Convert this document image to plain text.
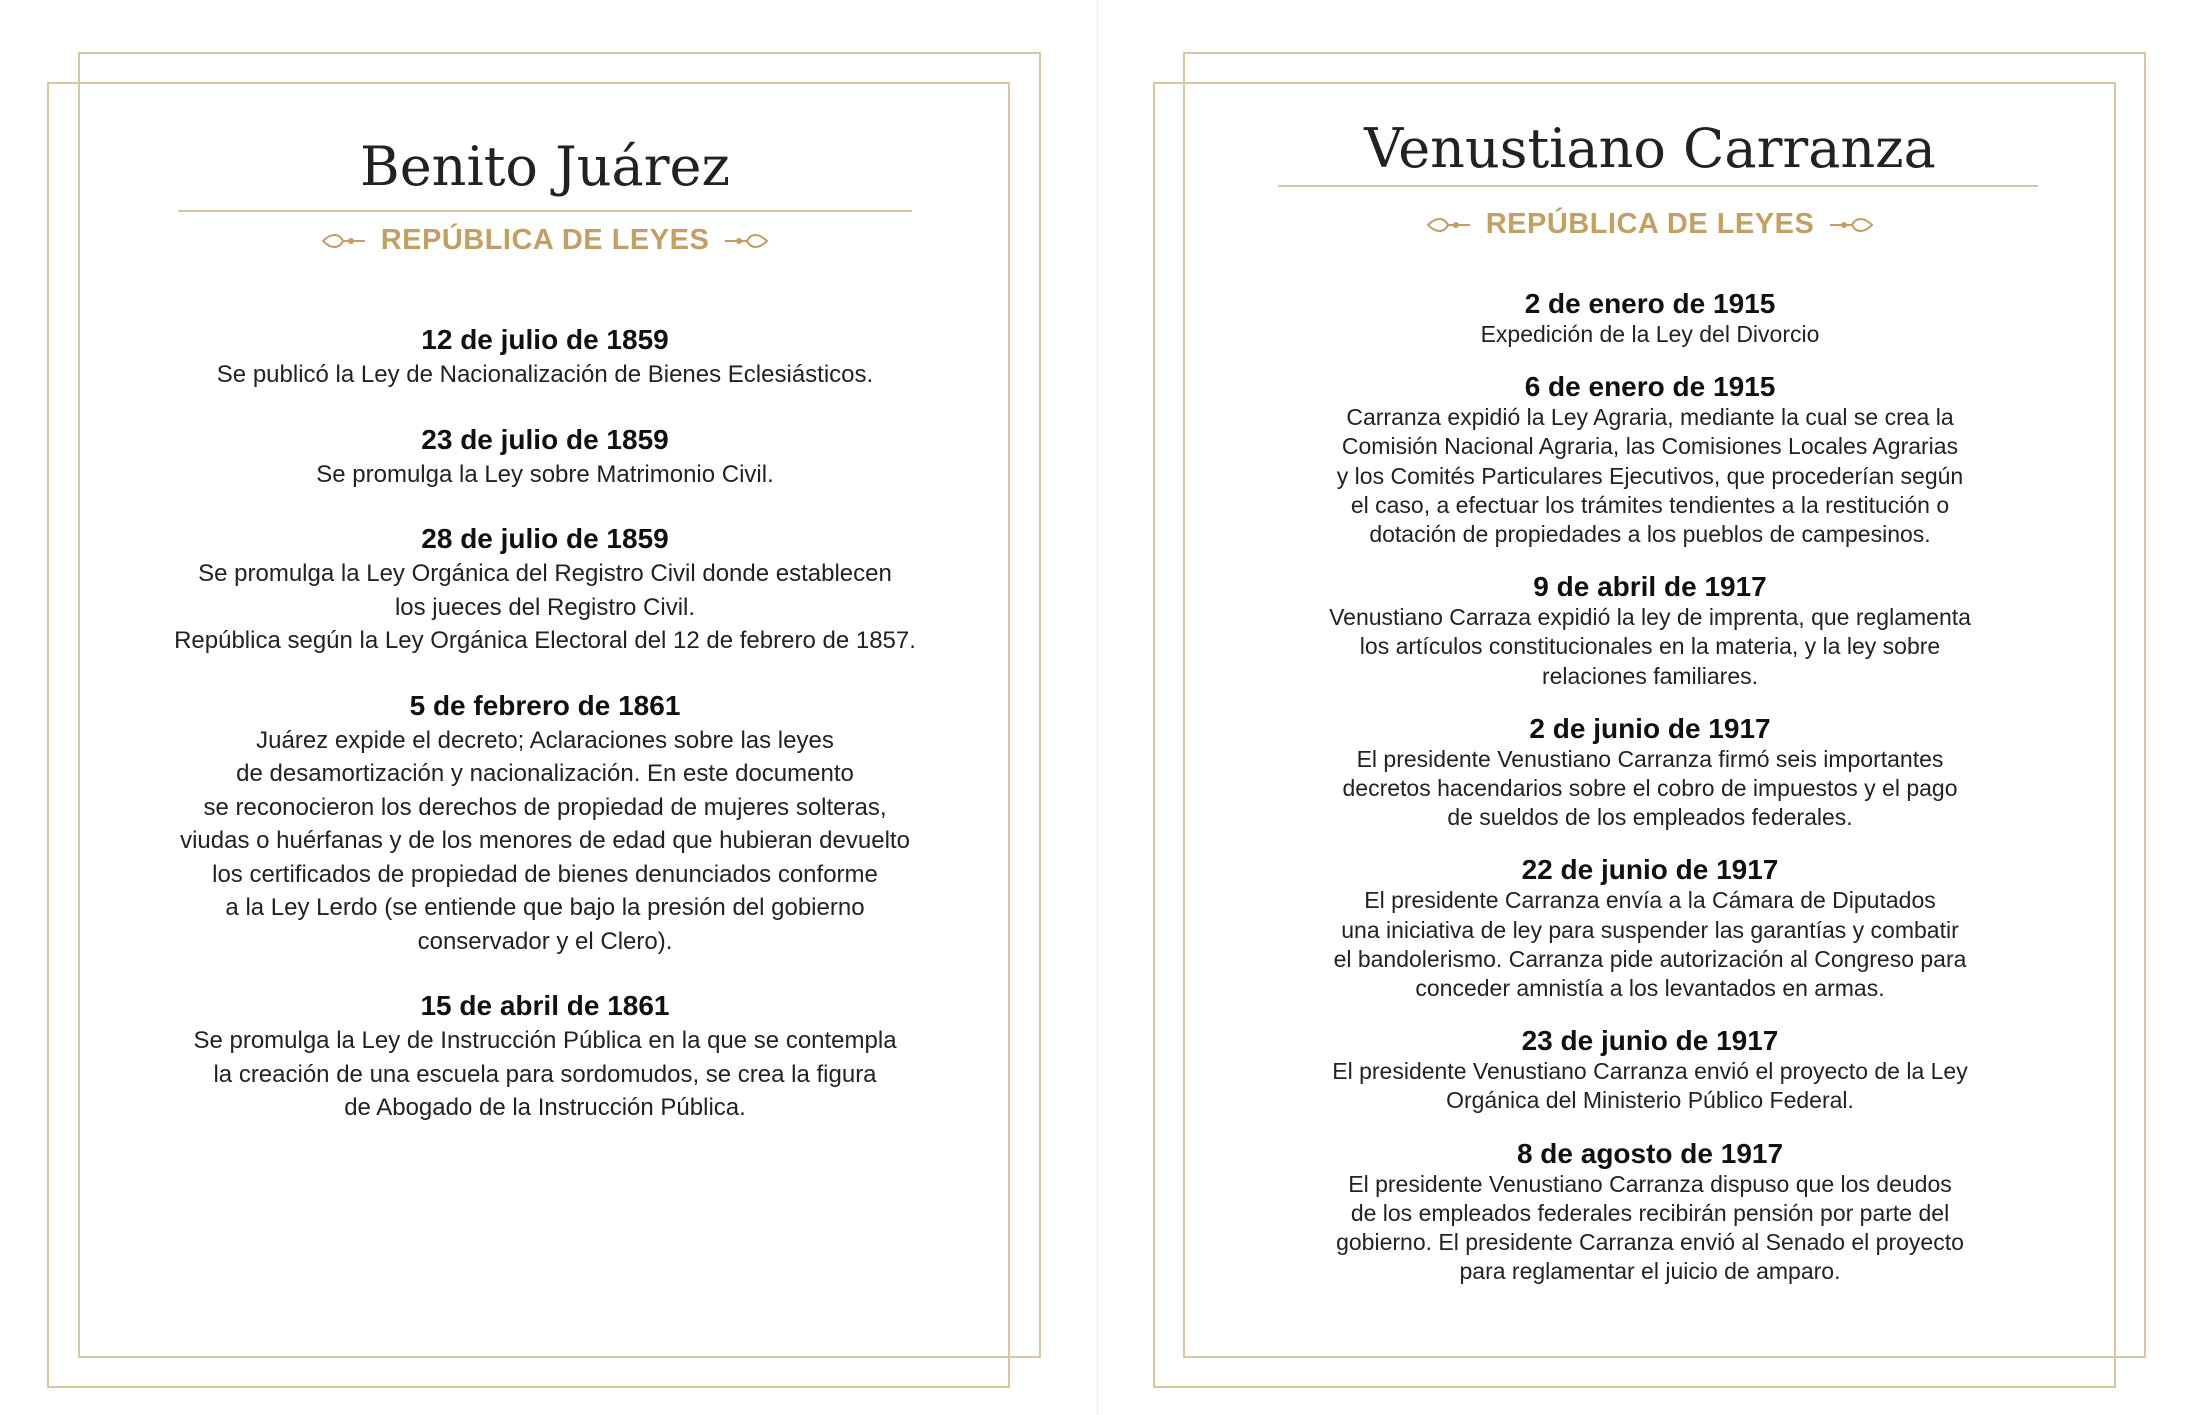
Benito Juárez
REPÚBLICA DE LEYES
12 de julio de 1859

Se publicó la Ley de Nacionalización de Bienes Eclesiásticos.

23 de julio de 1859

Se promulga la Ley sobre Matrimonio Civil.

28 de julio de 1859

Se promulga la Ley Orgánica del Registro Civil donde establecen

los jueces del Registro Civil.

República según la Ley Orgánica Electoral del 12 de febrero de 1857.

5 de febrero de 1861

Juárez expide el decreto; Aclaraciones sobre las leyes

de desamortización y nacionalización. En este documento

se reconocieron los derechos de propiedad de mujeres solteras,

viudas o huérfanas y de los menores de edad que hubieran devuelto

los certificados de propiedad de bienes denunciados conforme

a la Ley Lerdo (se entiende que bajo la presión del gobierno

conservador y el Clero).

15 de abril de 1861

Se promulga la Ley de Instrucción Pública en la que se contempla

la creación de una escuela para sordomudos, se crea la figura

de Abogado de la Instrucción Pública.

Venustiano Carranza
REPÚBLICA DE LEYES
2 de enero de 1915

Expedición de la Ley del Divorcio

6 de enero de 1915

Carranza expidió la Ley Agraria, mediante la cual se crea la

Comisión Nacional Agraria, las Comisiones Locales Agrarias

y los Comités Particulares Ejecutivos, que procederían según

el caso, a efectuar los trámites tendientes a la restitución o

dotación de propiedades a los pueblos de campesinos.

9 de abril de 1917

Venustiano Carraza expidió la ley de imprenta, que reglamenta

los artículos constitucionales en la materia, y la ley sobre

relaciones familiares.

2 de junio de 1917

El presidente Venustiano Carranza firmó seis importantes

decretos hacendarios sobre el cobro de impuestos y el pago

de sueldos de los empleados federales.

22 de junio de 1917

El presidente Carranza envía a la Cámara de Diputados

una iniciativa de ley para suspender las garantías y combatir

el bandolerismo. Carranza pide autorización al Congreso para

conceder amnistía a los levantados en armas.

23 de junio de 1917

El presidente Venustiano Carranza envió el proyecto de la Ley

Orgánica del Ministerio Público Federal.

8 de agosto de 1917

El presidente Venustiano Carranza dispuso que los deudos

de los empleados federales recibirán pensión por parte del

gobierno. El presidente Carranza envió al Senado el proyecto

para reglamentar el juicio de amparo.
